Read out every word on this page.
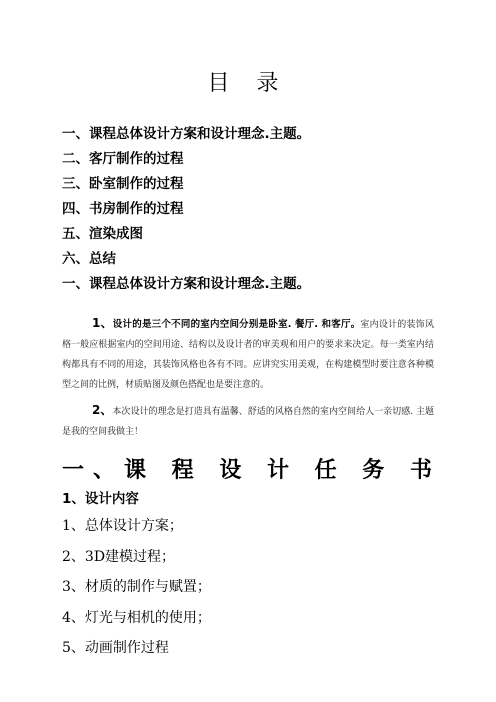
目 录
一、课程总体设计方案和设计理念.主题。
二、客厅制作的过程
三、卧室制作的过程
四、书房制作的过程
五、渲染成图
六、总结
一、课程总体设计方案和设计理念.主题。
1、设计的是三个不同的室内空间分别是卧室. 餐厅. 和客厅。室内设计的装饰风格一般应根据室内的空间用途、结构以及设计者的审美观和用户的要求来决定。每一类室内结构都具有不同的用途，其装饰风格也各有不同。应讲究实用美观，在构建模型时要注意各种模型之间的比例，材质贴图及颜色搭配也是要注意的。
2、本次设计的理念是打造具有温馨、舒适的风格自然的室内空间给人一亲切感. 主题是我的空间我做主！
一、课 程 设 计 任 务 书
1、设计内容
1、总体设计方案；
2、3D建模过程；
3、材质的制作与赋置；
4、灯光与相机的使用；
5、动画制作过程
